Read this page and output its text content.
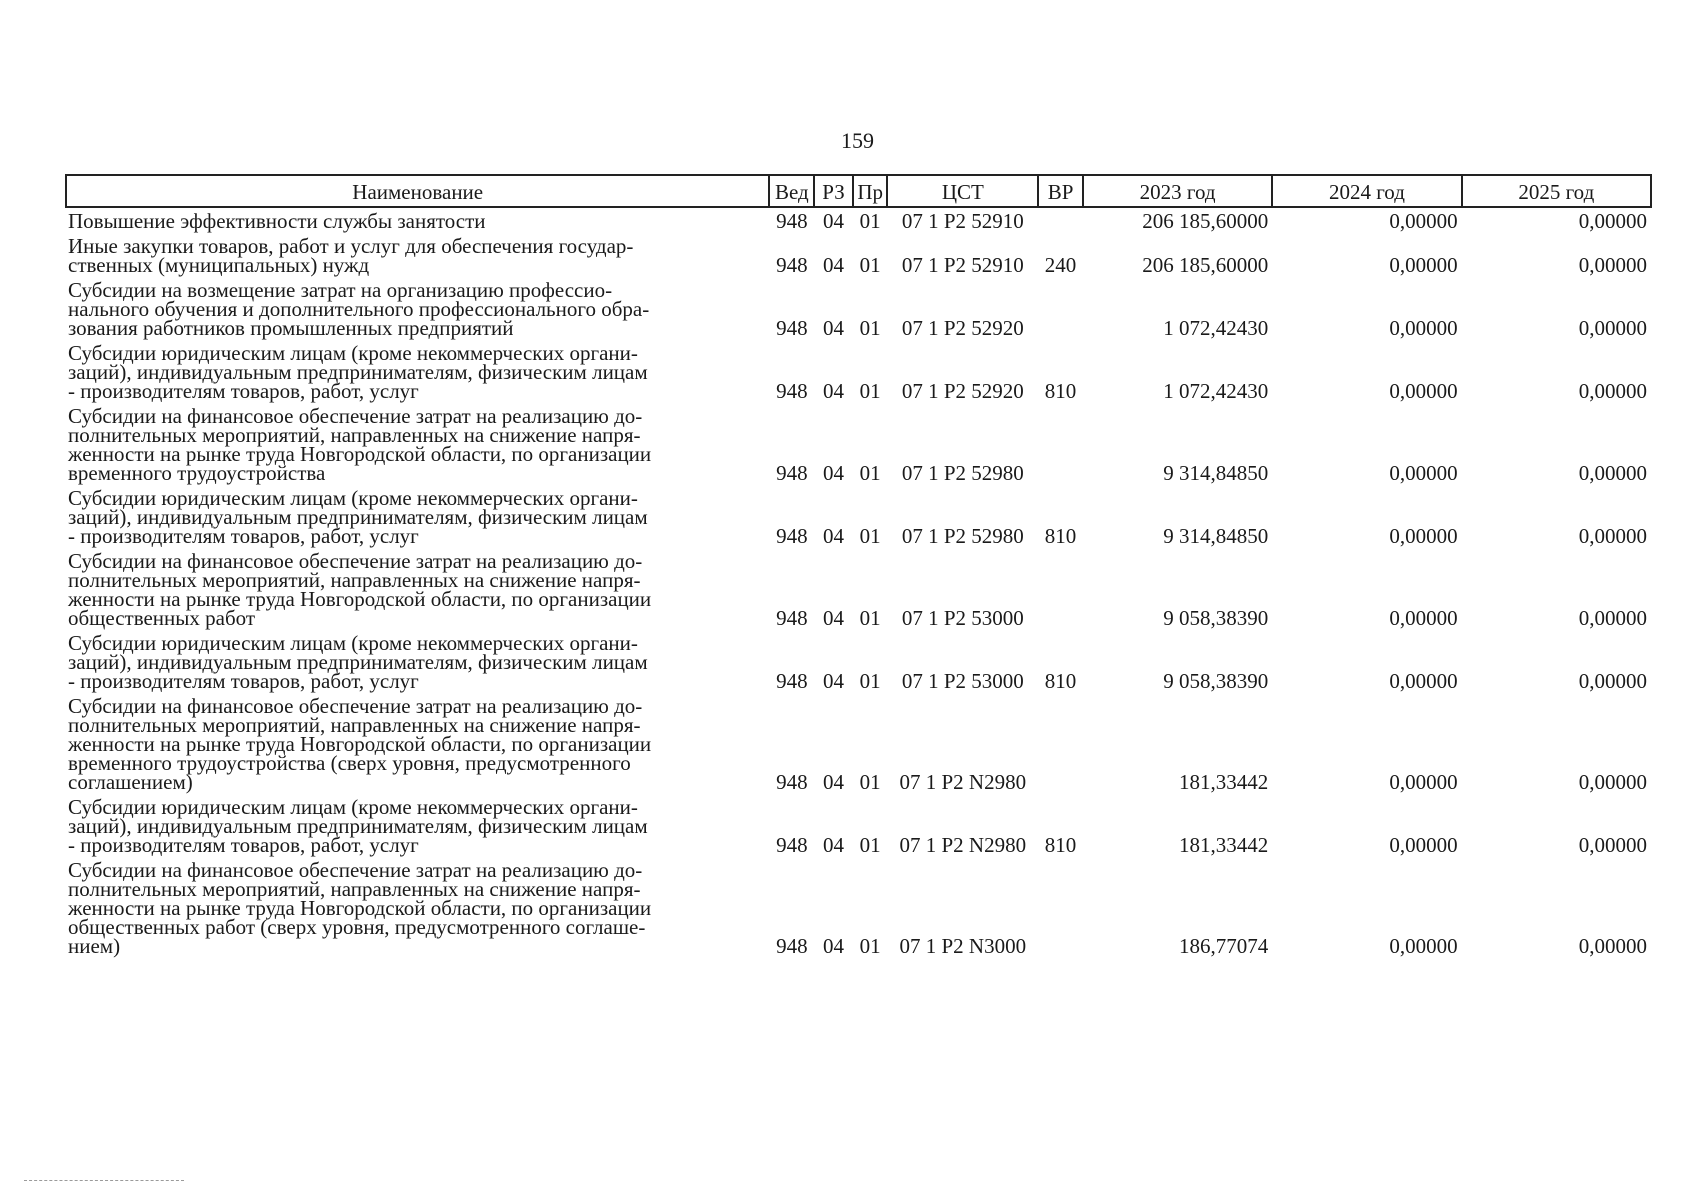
159
Наименование	Вед	РЗ	Пр	ЦСТ	ВР	2023 год	2024 год	2025 год
Повышение эффективности службы занятости	948	04	01	07 1 P2 52910		206 185,60000	0,00000	0,00000
Иные закупки товаров, работ и услуг для обеспечения государ-
ственных (муниципальных) нужд	948	04	01	07 1 P2 52910	240	206 185,60000	0,00000	0,00000
Субсидии на возмещение затрат на организацию профессио-
нального обучения и дополнительного профессионального обра-
зования работников промышленных предприятий	948	04	01	07 1 P2 52920		1 072,42430	0,00000	0,00000
Субсидии юридическим лицам (кроме некоммерческих органи-
заций), индивидуальным предпринимателям, физическим лицам
- производителям товаров, работ, услуг	948	04	01	07 1 P2 52920	810	1 072,42430	0,00000	0,00000
Субсидии на финансовое обеспечение затрат на реализацию до-
полнительных мероприятий, направленных на снижение напря-
женности на рынке труда Новгородской области, по организации
временного трудоустройства	948	04	01	07 1 P2 52980		9 314,84850	0,00000	0,00000
Субсидии юридическим лицам (кроме некоммерческих органи-
заций), индивидуальным предпринимателям, физическим лицам
- производителям товаров, работ, услуг	948	04	01	07 1 P2 52980	810	9 314,84850	0,00000	0,00000
Субсидии на финансовое обеспечение затрат на реализацию до-
полнительных мероприятий, направленных на снижение напря-
женности на рынке труда Новгородской области, по организации
общественных работ	948	04	01	07 1 P2 53000		9 058,38390	0,00000	0,00000
Субсидии юридическим лицам (кроме некоммерческих органи-
заций), индивидуальным предпринимателям, физическим лицам
- производителям товаров, работ, услуг	948	04	01	07 1 P2 53000	810	9 058,38390	0,00000	0,00000
Субсидии на финансовое обеспечение затрат на реализацию до-
полнительных мероприятий, направленных на снижение напря-
женности на рынке труда Новгородской области, по организации
временного трудоустройства (сверх уровня, предусмотренного
соглашением)	948	04	01	07 1 P2 N2980		181,33442	0,00000	0,00000
Субсидии юридическим лицам (кроме некоммерческих органи-
заций), индивидуальным предпринимателям, физическим лицам
- производителям товаров, работ, услуг	948	04	01	07 1 P2 N2980	810	181,33442	0,00000	0,00000
Субсидии на финансовое обеспечение затрат на реализацию до-
полнительных мероприятий, направленных на снижение напря-
женности на рынке труда Новгородской области, по организации
общественных работ (сверх уровня, предусмотренного соглаше-
нием)	948	04	01	07 1 P2 N3000		186,77074	0,00000	0,00000
